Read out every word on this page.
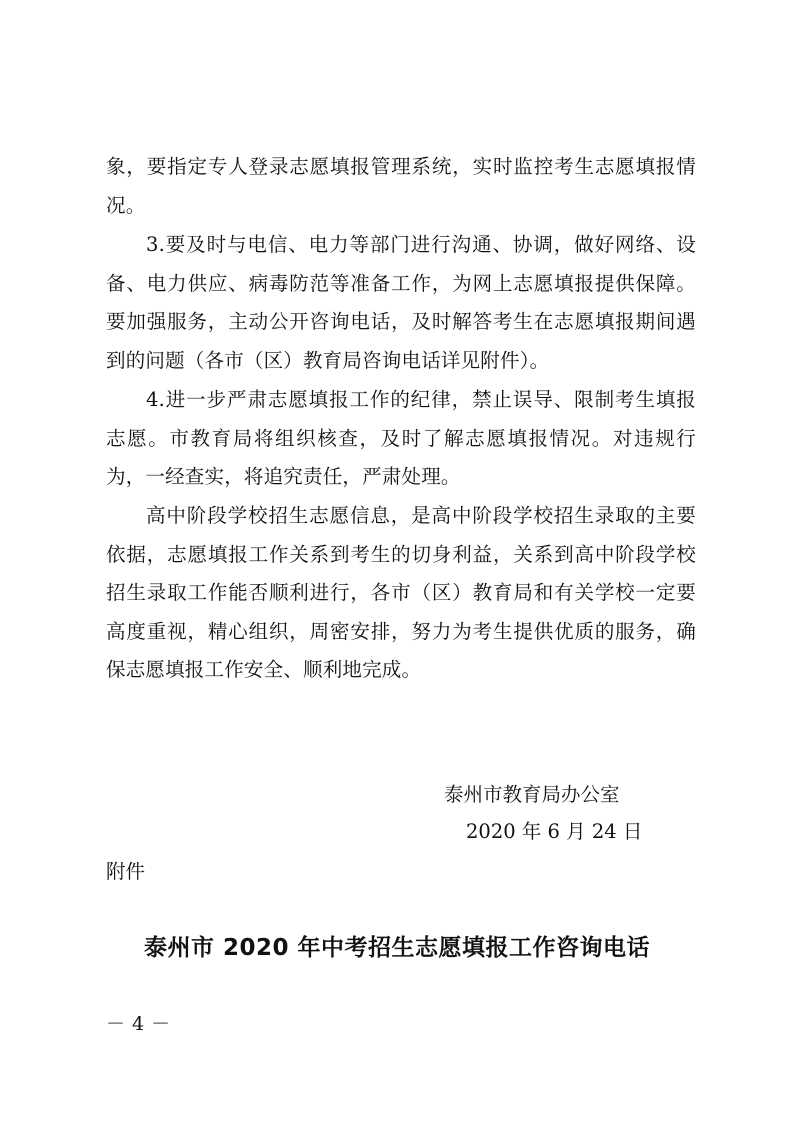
象，要指定专人登录志愿填报管理系统，实时监控考生志愿填报情况。

3.要及时与电信、电力等部门进行沟通、协调，做好网络、设备、电力供应、病毒防范等准备工作，为网上志愿填报提供保障。要加强服务，主动公开咨询电话，及时解答考生在志愿填报期间遇到的问题（各市（区）教育局咨询电话详见附件）。

4.进一步严肃志愿填报工作的纪律，禁止误导、限制考生填报志愿。市教育局将组织核查，及时了解志愿填报情况。对违规行为，一经查实，将追究责任，严肃处理。

高中阶段学校招生志愿信息，是高中阶段学校招生录取的主要依据，志愿填报工作关系到考生的切身利益，关系到高中阶段学校招生录取工作能否顺利进行，各市（区）教育局和有关学校一定要高度重视，精心组织，周密安排，努力为考生提供优质的服务，确保志愿填报工作安全、顺利地完成。

泰州市教育局办公室

2020 年 6 月 24 日

附件

泰州市 2020 年中考招生志愿填报工作咨询电话

－ 4 －
